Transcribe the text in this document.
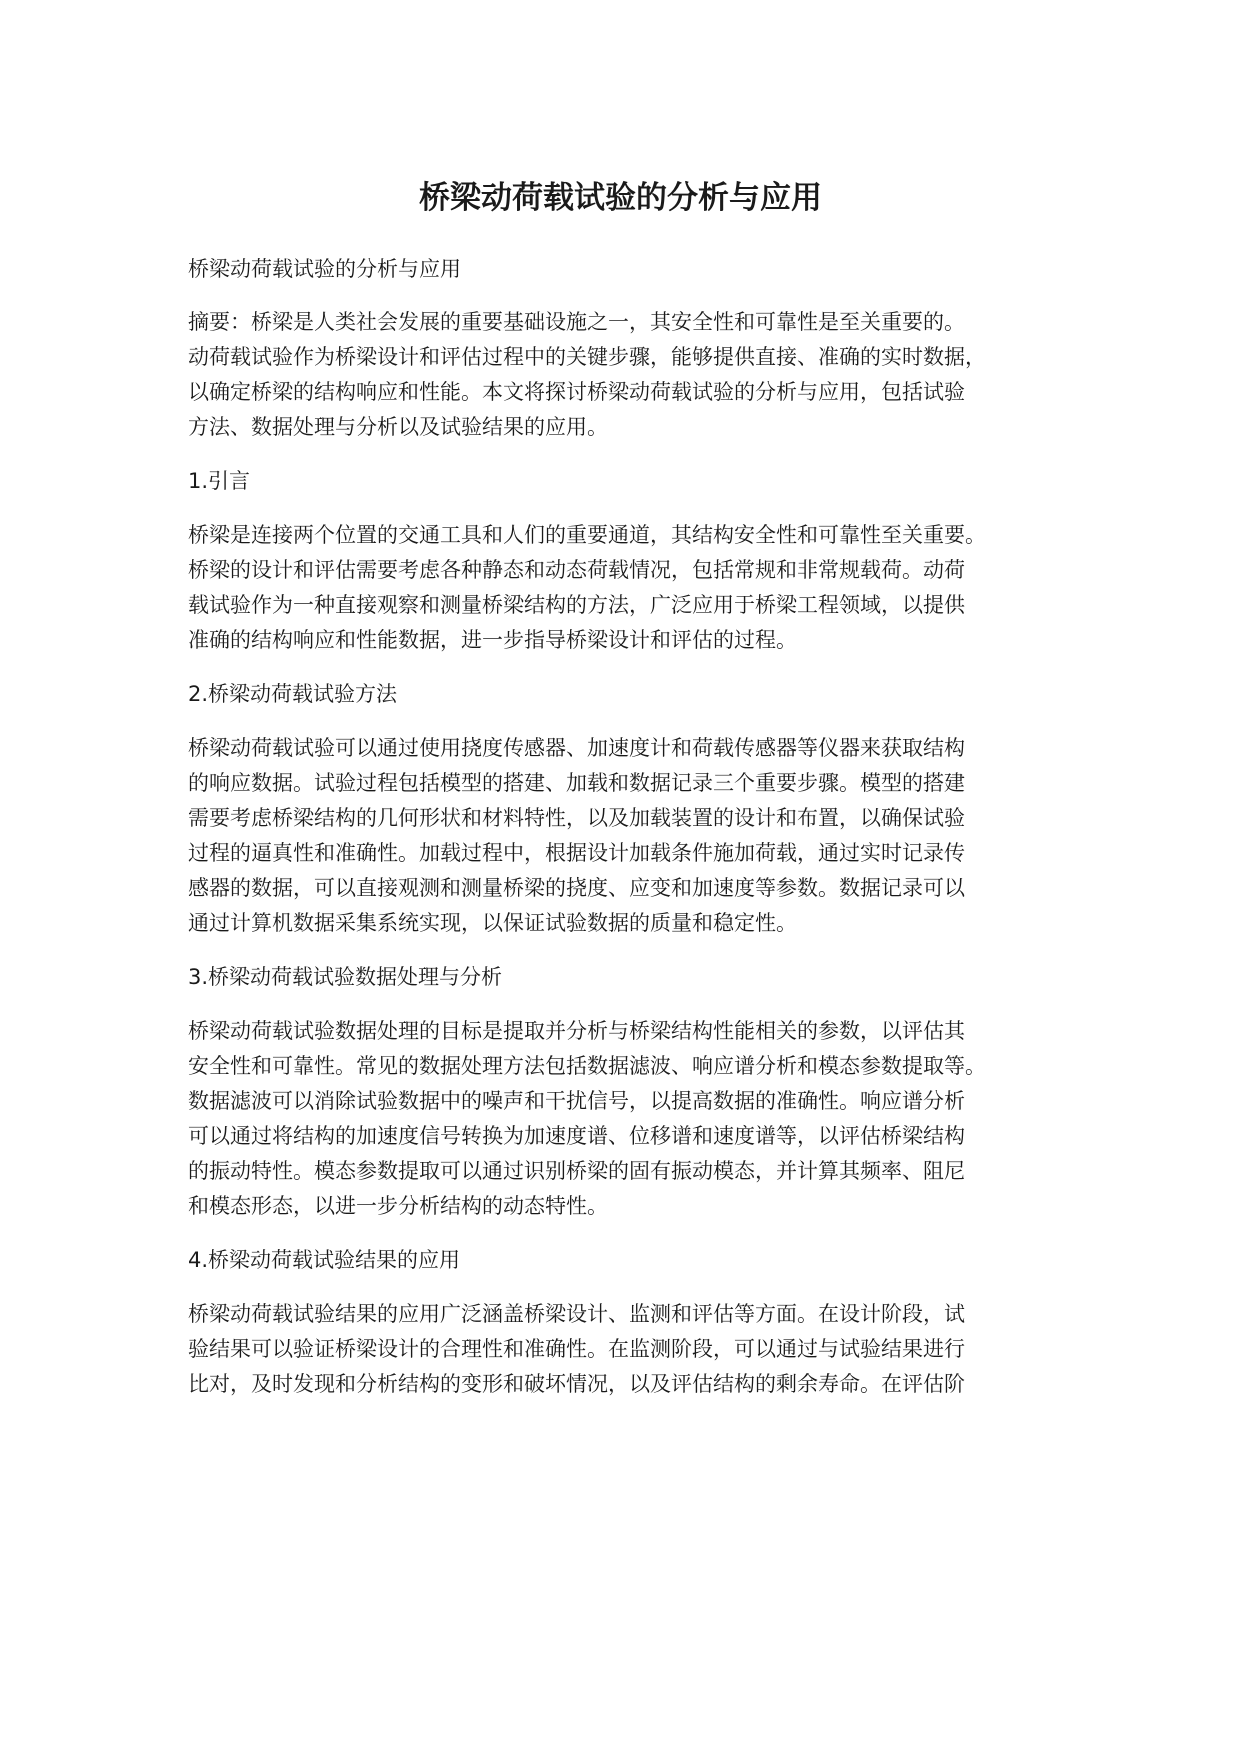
桥梁动荷载试验的分析与应用
桥梁动荷载试验的分析与应用
摘要：桥梁是人类社会发展的重要基础设施之一，其安全性和可靠性是至关重要的。
动荷载试验作为桥梁设计和评估过程中的关键步骤，能够提供直接、准确的实时数据，
以确定桥梁的结构响应和性能。本文将探讨桥梁动荷载试验的分析与应用，包括试验
方法、数据处理与分析以及试验结果的应用。
1.引言
桥梁是连接两个位置的交通工具和人们的重要通道，其结构安全性和可靠性至关重要。
桥梁的设计和评估需要考虑各种静态和动态荷载情况，包括常规和非常规载荷。动荷
载试验作为一种直接观察和测量桥梁结构的方法，广泛应用于桥梁工程领域，以提供
准确的结构响应和性能数据，进一步指导桥梁设计和评估的过程。
2.桥梁动荷载试验方法
桥梁动荷载试验可以通过使用挠度传感器、加速度计和荷载传感器等仪器来获取结构
的响应数据。试验过程包括模型的搭建、加载和数据记录三个重要步骤。模型的搭建
需要考虑桥梁结构的几何形状和材料特性，以及加载装置的设计和布置，以确保试验
过程的逼真性和准确性。加载过程中，根据设计加载条件施加荷载，通过实时记录传
感器的数据，可以直接观测和测量桥梁的挠度、应变和加速度等参数。数据记录可以
通过计算机数据采集系统实现，以保证试验数据的质量和稳定性。
3.桥梁动荷载试验数据处理与分析
桥梁动荷载试验数据处理的目标是提取并分析与桥梁结构性能相关的参数，以评估其
安全性和可靠性。常见的数据处理方法包括数据滤波、响应谱分析和模态参数提取等。
数据滤波可以消除试验数据中的噪声和干扰信号，以提高数据的准确性。响应谱分析
可以通过将结构的加速度信号转换为加速度谱、位移谱和速度谱等，以评估桥梁结构
的振动特性。模态参数提取可以通过识别桥梁的固有振动模态，并计算其频率、阻尼
和模态形态，以进一步分析结构的动态特性。
4.桥梁动荷载试验结果的应用
桥梁动荷载试验结果的应用广泛涵盖桥梁设计、监测和评估等方面。在设计阶段，试
验结果可以验证桥梁设计的合理性和准确性。在监测阶段，可以通过与试验结果进行
比对，及时发现和分析结构的变形和破坏情况，以及评估结构的剩余寿命。在评估阶
